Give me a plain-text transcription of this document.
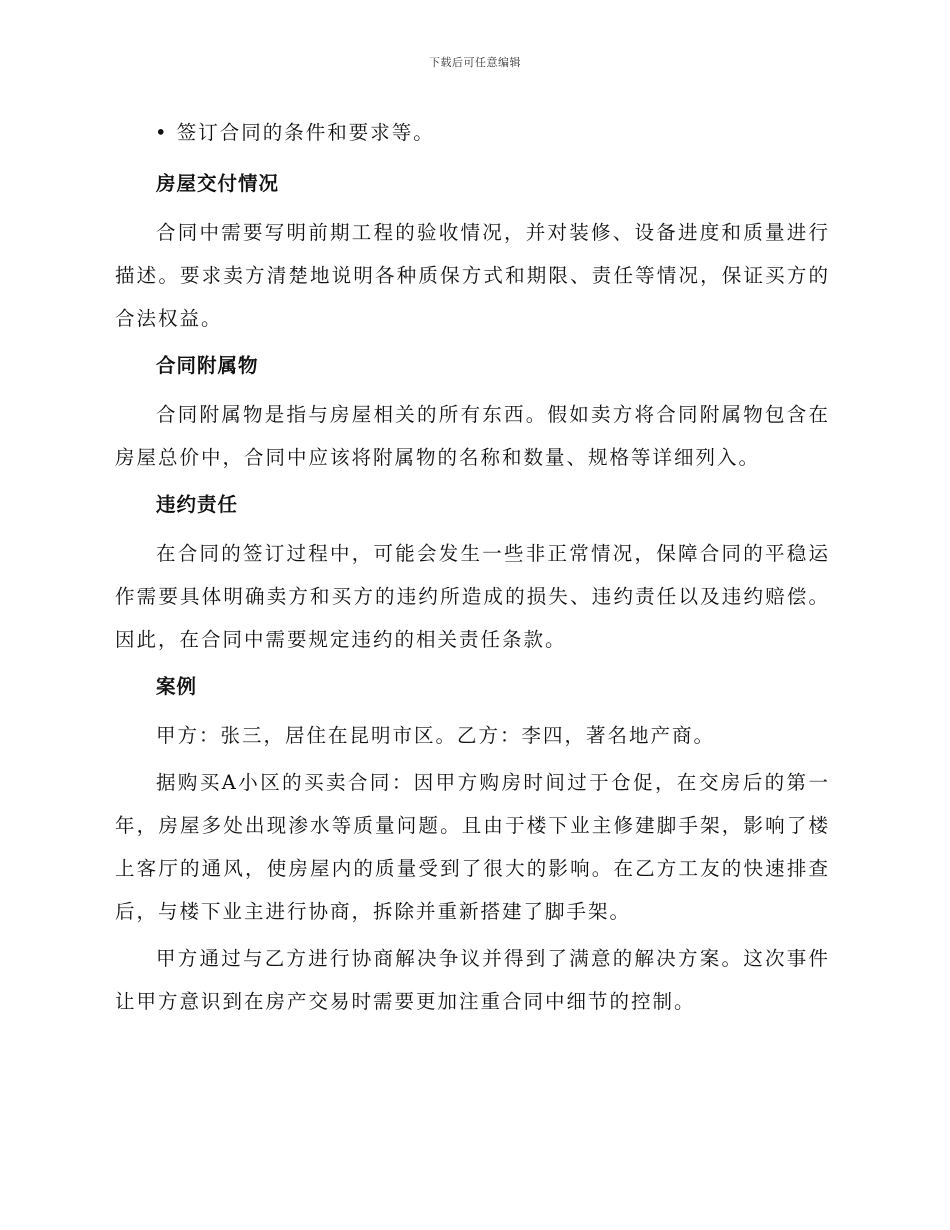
下载后可任意编辑

• 签订合同的条件和要求等。

房屋交付情况

合同中需要写明前期工程的验收情况，并对装修、设备进度和质量进行描述。要求卖方清楚地说明各种质保方式和期限、责任等情况，保证买方的合法权益。

合同附属物

合同附属物是指与房屋相关的所有东西。假如卖方将合同附属物包含在房屋总价中，合同中应该将附属物的名称和数量、规格等详细列入。

违约责任

在合同的签订过程中，可能会发生一些非正常情况，保障合同的平稳运作需要具体明确卖方和买方的违约所造成的损失、违约责任以及违约赔偿。因此，在合同中需要规定违约的相关责任条款。

案例

甲方：张三，居住在昆明市区。乙方：李四，著名地产商。

据购买A小区的买卖合同：因甲方购房时间过于仓促，在交房后的第一年，房屋多处出现渗水等质量问题。且由于楼下业主修建脚手架，影响了楼上客厅的通风，使房屋内的质量受到了很大的影响。在乙方工友的快速排查后，与楼下业主进行协商，拆除并重新搭建了脚手架。

甲方通过与乙方进行协商解决争议并得到了满意的解决方案。这次事件让甲方意识到在房产交易时需要更加注重合同中细节的控制。
